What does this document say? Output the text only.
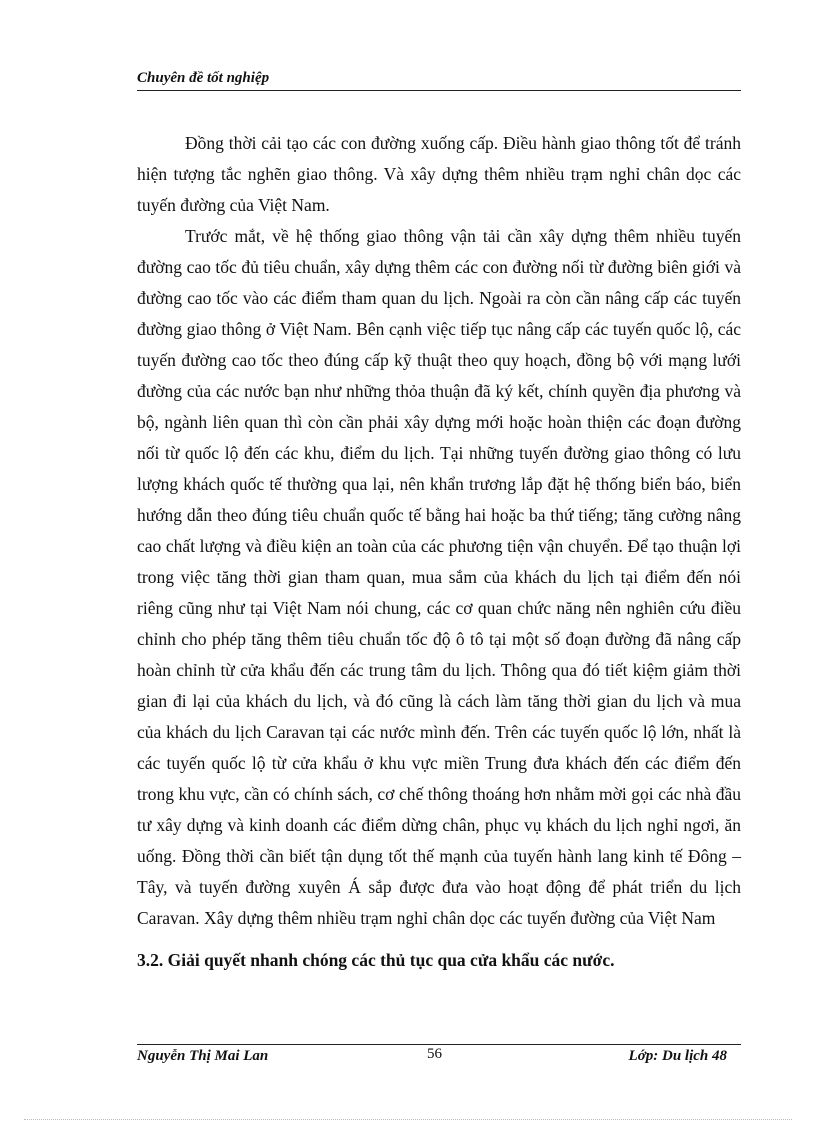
Chuyên đề tốt nghiệp

Đồng thời cải tạo các con đường xuống cấp. Điều hành giao thông tốt để tránh hiện tượng tắc nghẽn giao thông. Và xây dựng thêm nhiều trạm nghỉ chân dọc các tuyến đường của Việt Nam.

Trước mắt, về hệ thống giao thông vận tải cần xây dựng thêm nhiều tuyến đường cao tốc đủ tiêu chuẩn, xây dựng thêm các con đường nối từ đường biên giới và đường cao tốc vào các điểm tham quan du lịch. Ngoài ra còn cần nâng cấp các tuyến đường giao thông ở Việt Nam. Bên cạnh việc tiếp tục nâng cấp các tuyến quốc lộ, các tuyến đường cao tốc theo đúng cấp kỹ thuật theo quy hoạch, đồng bộ với mạng lưới đường của các nước bạn như những thỏa thuận đã ký kết, chính quyền địa phương và bộ, ngành liên quan thì còn cần phải xây dựng mới hoặc hoàn thiện các đoạn đường nối từ quốc lộ đến các khu, điểm du lịch. Tại những tuyến đường giao thông có lưu lượng khách quốc tế thường qua lại, nên khẩn trương lắp đặt hệ thống biển báo, biển hướng dẫn theo đúng tiêu chuẩn quốc tế bằng hai hoặc ba thứ tiếng; tăng cường nâng cao chất lượng và điều kiện an toàn của các phương tiện vận chuyển. Để tạo thuận lợi trong việc tăng thời gian tham quan, mua sắm của khách du lịch tại điểm đến nói riêng cũng như tại Việt Nam nói chung, các cơ quan chức năng nên nghiên cứu điều chỉnh cho phép tăng thêm tiêu chuẩn tốc độ ô tô tại một số đoạn đường đã nâng cấp hoàn chỉnh từ cửa khẩu đến các trung tâm du lịch. Thông qua đó tiết kiệm giảm thời gian đi lại của khách du lịch, và đó cũng là cách làm tăng thời gian du lịch và mua của khách du lịch Caravan tại các nước mình đến. Trên các tuyến quốc lộ lớn, nhất là các tuyến quốc lộ từ cửa khẩu ở khu vực miền Trung đưa khách đến các điểm đến trong khu vực, cần có chính sách, cơ chế thông thoáng hơn nhằm mời gọi các nhà đầu tư xây dựng và kinh doanh các điểm dừng chân, phục vụ khách du lịch nghỉ ngơi, ăn uống. Đồng thời cần biết tận dụng tốt thế mạnh của tuyến hành lang kinh tế Đông – Tây, và tuyến đường xuyên Á sắp được đưa vào hoạt động để phát triển du lịch Caravan. Xây dựng thêm nhiều trạm nghỉ chân dọc các tuyến đường của Việt Nam

3.2. Giải quyết nhanh chóng các thủ tục qua cửa khẩu các nước.
Nguyễn Thị Mai Lan	56	Lớp: Du lịch 48
